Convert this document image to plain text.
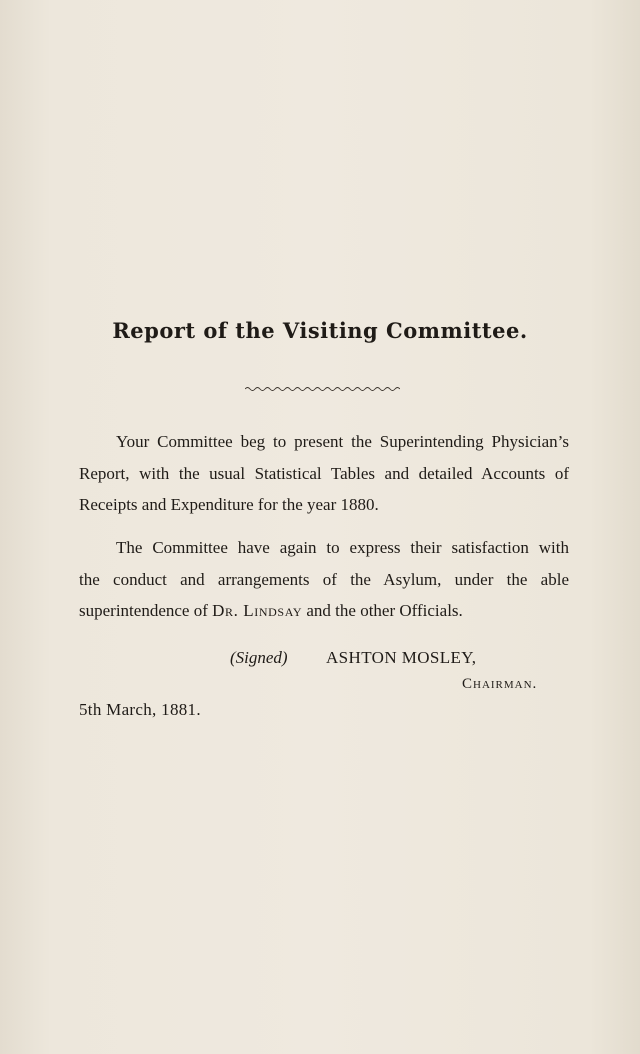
Report of the Visiting Committee.
Your Committee beg to present the Superintending Physician’s
Report, with the usual Statistical Tables and detailed Accounts of
Receipts and Expenditure for the year 1880.
The Committee have again to express their satisfaction with
the conduct and arrangements of the Asylum, under the able
superintendence of Dr. Lindsay and the other Officials.
(Signed) ASHTON MOSLEY,
Chairman.
5th March, 1881.
